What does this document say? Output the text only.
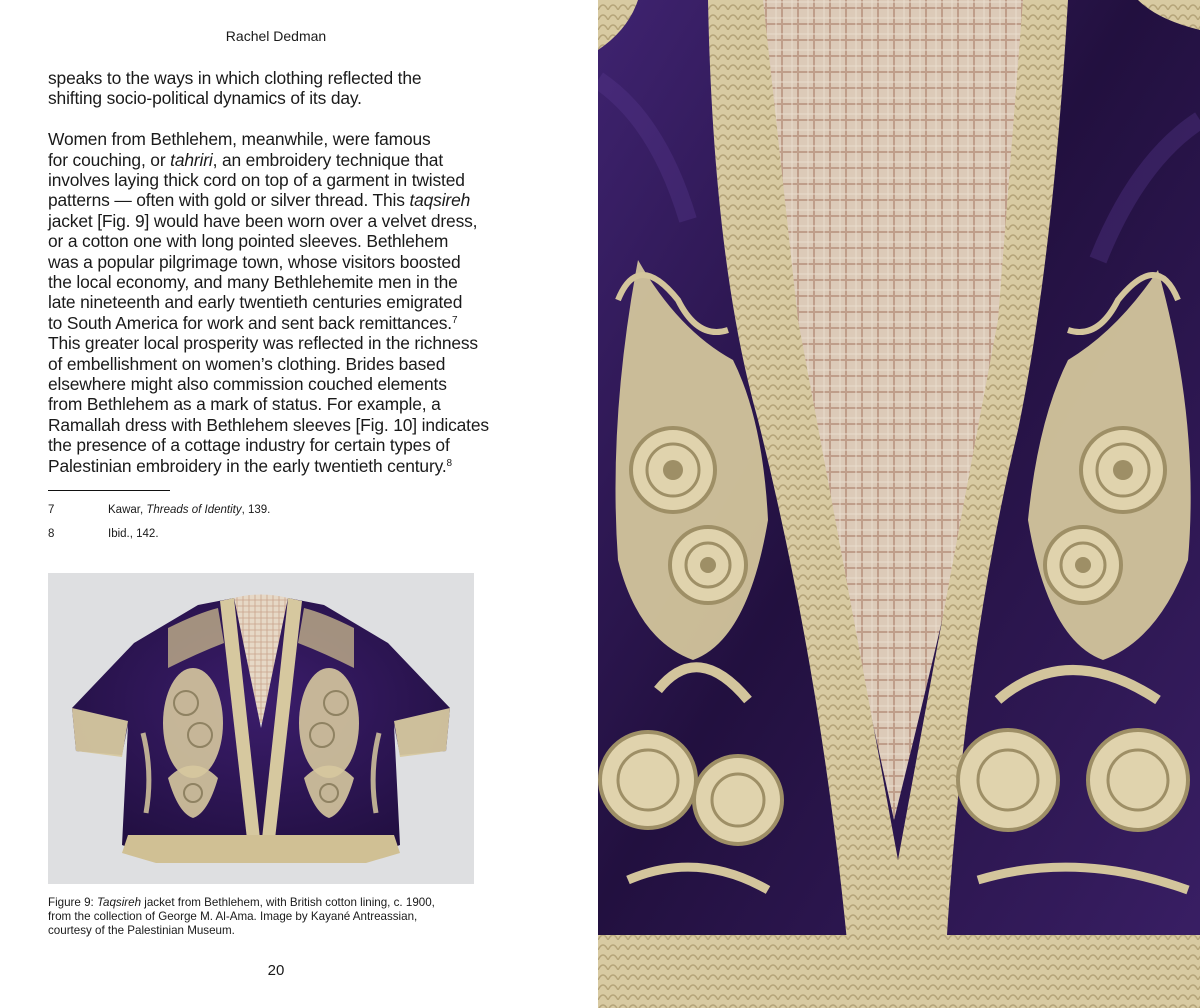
Rachel Dedman

speaks to the ways in which clothing reflected the
shifting socio-political dynamics of its day.

Women from Bethlehem, meanwhile, were famous
for couching, or tahriri, an embroidery technique that
involves laying thick cord on top of a garment in twisted
patterns — often with gold or silver thread. This taqsireh
jacket [Fig. 9] would have been worn over a velvet dress,
or a cotton one with long pointed sleeves. Bethlehem
was a popular pilgrimage town, whose visitors boosted
the local economy, and many Bethlehemite men in the
late nineteenth and early twentieth centuries emigrated
to South America for work and sent back remittances.$^7$
This greater local prosperity was reflected in the richness
of embellishment on women’s clothing. Brides based
elsewhere might also commission couched elements
from Bethlehem as a mark of status. For example, a
Ramallah dress with Bethlehem sleeves [Fig. 10] indicates
the presence of a cottage industry for certain types of
Palestinian embroidery in the early twentieth century.$^8$

7	Kawar, Threads of Identity, 139.
8	Ibid., 142.
Figure 9: Taqsireh jacket from Bethlehem, with British cotton lining, c. 1900,
from the collection of George M. Al-Ama. Image by Kayané Antreassian,
courtesy of the Palestinian Museum.
20
